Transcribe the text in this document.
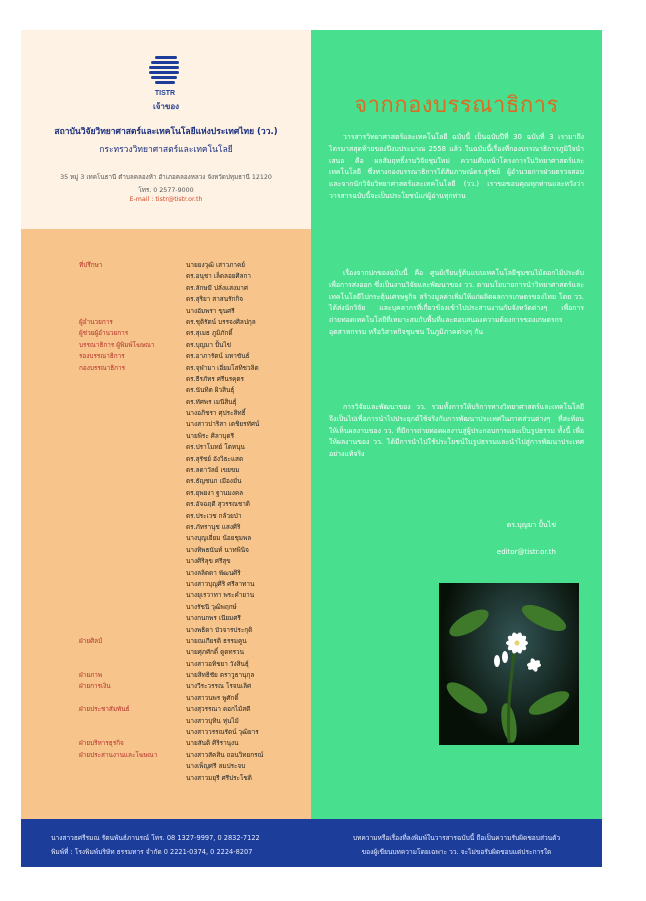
TISTR
เจ้าของ
สถาบันวิจัยวิทยาศาสตร์และเทคโนโลยีแห่งประเทศไทย (วว.)
กระทรวงวิทยาศาสตร์และเทคโนโลยี
35 หมู่ 3 เทคโนธานี ตำบลคลองห้า อำเภอคลองหลวง จังหวัดปทุมธานี 12120
โทร. 0 2577-9000
E-mail : tistr@tistr.or.th
ที่ปรึกษา	นายยงวุฒิ เสาวภาคย์
ดร.อนุชา เล็ดลอยศิลกา
ดร.ลักษมี ปลั่งแสงมาศ
ดร.สุริยา สาสนรักกิจ
นางอัมพรา ขุนศรี
ผู้อำนวยการ	ดร.ชุติรัตน์ บรรจงศิลปกุล
ผู้ช่วยผู้อำนวยการ	ดร.สุเมธ ภูมิภักดิ์
บรรณาธิการ ผู้พิมพ์โฆษณา	ดร.บุญมา ปั้นไข่
รองบรรณาธิการ	ดร.อาภารัตน์ มหาขันธ์
กองบรรณาธิการ	ดร.จุฬามา เอี่ยมโสทิชวลิต
ดร.ธีรภัทร ศรีนรคุตร
ดร.นันทิต ผิวสินธุ์
ดร.ทัศพร เมนีสินธุ์
นางอภิชรา ศุประสิทธิ์
นางสาวปาริสา เตชิยรทัศน์
นายพิระ ศิลาบุตรี
ดร.ปราโมทย์ โตหนุน
ดร.สุรัชย์ อังวิธะแสด
ดร.ลดาวัลย์ เขยขม
ดร.ธัญชนก เมืองมั่น
ดร.ยุพยงา ฐานมงคล
ดร.อัจฉฤดี สุวรรณชาติ
ดร.ประเวช กล้วยป่า
ดร.ภัทรานุช แสงศิริ
นางบุญเยี่ยม น้อยชุมพล
นางทิพธนันท์ นาทพินิจ
นางศิริลุข ศรีสุข
นางลลิตดา พัฒนศิริ
นางสาวบุญศิริ ศรีลาทาน
นางยุเรวาทา พระคำยาน
นางรัชนี วุฒิพฤกษ์
นางกนกพร เนียมศรี
นางพธิดา บัวจารประกุดิ
ฝ่ายศิลป์	นายณเกียรติ ธรรมคูน
นายศุภศักดิ์ ตูดทรวน
นางสาวอทิชยา วังสินธุ์
ฝ่ายภาพ	นายสิทธิชัย ตราวูธานุกุล
ฝ่ายการเงิน	นางวีระวรรณ โรจนเลิศ
นางสาวนพร พูศักดิ์
ฝ่ายประชาสัมพันธ์	นางสุวรรณา ดอกไม้สดี
นางสาวบุทิน หุ่นไม้
นางสาววรรณรัตน์ วุฒิยาร
ฝ่ายบริหารธุรกิจ	นายสันติ ศิริรานุงน
ฝ่ายประสานงานและโฆษณา	นางสาวสัคสิน ถอนวิทยกรณ์
นางเพ็ญศรี ลมประจบ
นางสาวมยุรี ศรีประโชติ
นางสาวธศรีรมณ รัตนพันธ์ภานรณ์ โทร. 08 1327-9997, 0 2832-7122
พิมพ์ที่ : โรงพิมพ์บริษัท ธรรมทาร จำกัด 0 2221-0374, 0 2224-8207
จากกองบรรณาธิการ
วารสารวิทยาศาสตร์และเทคโนโลยี ฉบับนี้ เป็นฉบับปีที่ 30 ฉบับที่ 3 เรามาถึงไตรมาสสุดท้ายของปีงบประมาณ 2558 แล้ว ในฉบับนี้เรื่องที่กองบรรณาธิการภูมิใจนำเสนอ คือ ผลสัมฤทธิ์งานวิจัยชุมใหม่ ความคืบหน้าโครงการในวิทยาศาสตร์และเทคโนโลยี ซึ่งทางกองบรรณาธิการได้สัมภาษณ์ดร.สุรัชย์ ผู้อำนวยการฝ่ายตรวจสอบ และจากนักวิจัยวิทยาศาสตร์และเทคโนโลยี (วว.) เราขอขอบคุณทุกท่านและหวังว่าวารสารฉบับนี้จะเป็นประโยชน์แก่ผู้อ่านทุกท่าน
เรื่องจากปกของฉบับนี้ คือ ศูนย์เรียนรู้ต้นแบบเทคโนโลยีชุมชนไม้ดอกไม้ประดับ เพื่อการส่งออก ซึ่งเป็นงานวิจัยและพัฒนาของ วว. ตามนโยบายการนำวิทยาศาสตร์และเทคโนโลยีไปกระตุ้นเศรษฐกิจ สร้างมูลค่าเพิ่มให้แก่ผลิตผลการเกษตรของไทย โดย วว. ได้ส่งนักวิจัย และบุคลากรที่เกี่ยวข้องเข้าไปประสานงานกับจังหวัดต่างๆ เพื่อการถ่ายทอดเทคโนโลยีที่เหมาะสมกับพื้นที่และตอบสนองความต้องการของเกษตรกร อุตสาหกรรม หรือวิสาหกิจชุมชน ในภูมิภาคต่างๆ กัน
การวิจัยและพัฒนาของ วว. รวมทั้งการให้บริการทางวิทยาศาสตร์และเทคโนโลยี จึงเป็นไปเพื่อการนำไปประยุกต์ใช้จริงกับการพัฒนาประเทศในภาคส่วนต่างๆ ที่สะท้อนให้เห็นผลงานของ วว. ที่มีการถ่ายทอดผลงานสู่ผู้ประกอบการและเป็นรูปธรรม ทั้งนี้ เพื่อให้ผลงานของ วว. ได้มีการนำไปใช้ประโยชน์ในรูปธรรมและนำไปสู่การพัฒนาประเทศอย่างแท้จริง
ดร.บุญมา ปั้นไข่
editor@tistr.or.th
บทความหรือเรื่องที่ลงพิมพ์ในวารสารฉบับนี้ ถือเป็นความรับผิดชอบส่วนตัว
ของผู้เขียนบทความโดยเฉพาะ วว. จะไม่ขอรับผิดชอบแต่ประการใด
